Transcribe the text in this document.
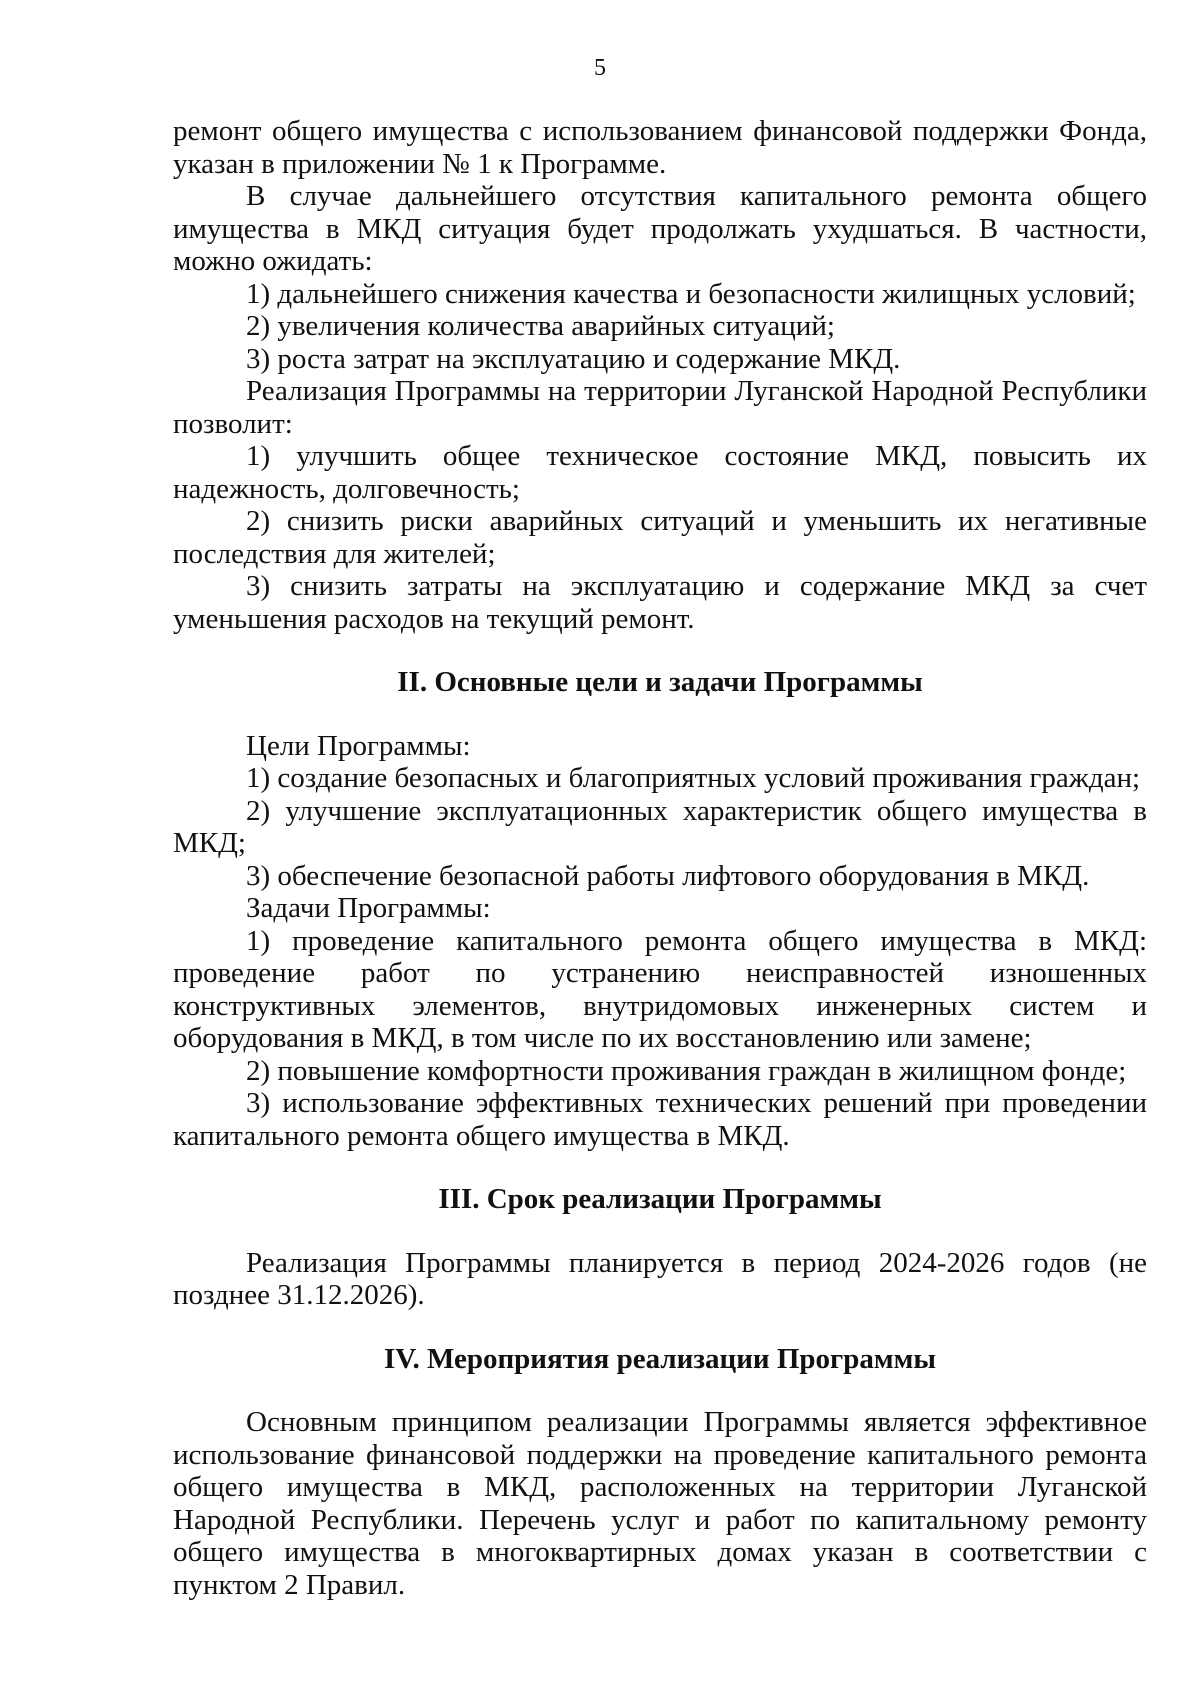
5

ремонт общего имущества с использованием финансовой поддержки Фонда, указан в приложении № 1 к Программе.

В случае дальнейшего отсутствия капитального ремонта общего имущества в МКД ситуация будет продолжать ухудшаться. В частности, можно ожидать:

1) дальнейшего снижения качества и безопасности жилищных условий;

2) увеличения количества аварийных ситуаций;

3) роста затрат на эксплуатацию и содержание МКД.

Реализация Программы на территории Луганской Народной Республики позволит:

1) улучшить общее техническое состояние МКД, повысить их надежность, долговечность;

2) снизить риски аварийных ситуаций и уменьшить их негативные последствия для жителей;

3) снизить затраты на эксплуатацию и содержание МКД за счет уменьшения расходов на текущий ремонт.

II. Основные цели и задачи Программы

Цели Программы:

1) создание безопасных и благоприятных условий проживания граждан;

2) улучшение эксплуатационных характеристик общего имущества в МКД;

3) обеспечение безопасной работы лифтового оборудования в МКД.

Задачи Программы:

1) проведение капитального ремонта общего имущества в МКД: проведение работ по устранению неисправностей изношенных конструктивных элементов, внутридомовых инженерных систем и оборудования в МКД, в том числе по их восстановлению или замене;

2) повышение комфортности проживания граждан в жилищном фонде;

3) использование эффективных технических решений при проведении капитального ремонта общего имущества в МКД.

III. Срок реализации Программы

Реализация Программы планируется в период 2024-2026 годов (не позднее 31.12.2026).

IV. Мероприятия реализации Программы

Основным принципом реализации Программы является эффективное использование финансовой поддержки на проведение капитального ремонта общего имущества в МКД, расположенных на территории Луганской Народной Республики. Перечень услуг и работ по капитальному ремонту общего имущества в многоквартирных домах указан в соответствии с пунктом 2 Правил.
